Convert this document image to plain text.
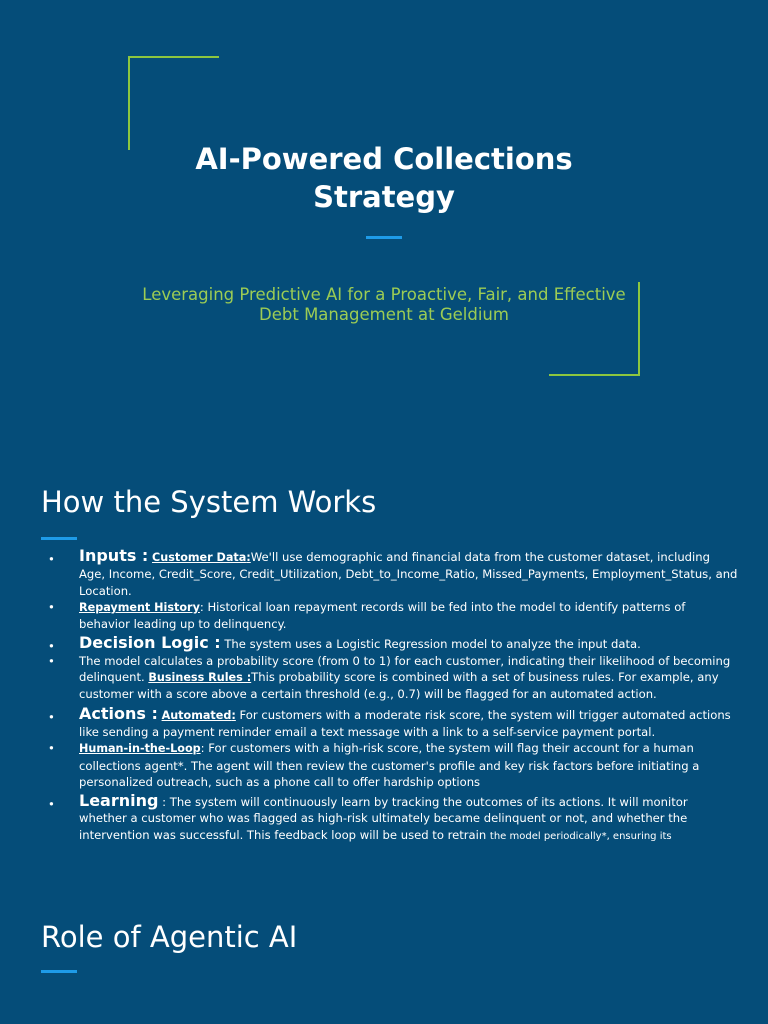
AI-Powered Collections Strategy
Leveraging Predictive AI for a Proactive, Fair, and Effective Debt Management at Geldium
How the System Works

•	Inputs : Customer Data:We'll use demographic and financial data from the customer dataset, including Age, Income, Credit_Score, Credit_Utilization, Debt_to_Income_Ratio, Missed_Payments, Employment_Status, and Location.

•	Repayment History: Historical loan repayment records will be fed into the model to identify patterns of behavior leading up to delinquency.

•	Decision Logic : The system uses a Logistic Regression model to analyze the input data.

•	The model calculates a probability score (from 0 to 1) for each customer, indicating their likelihood of becoming delinquent. Business Rules :This probability score is combined with a set of business rules. For example, any customer with a score above a certain threshold (e.g., 0.7) will be flagged for an automated action.

•	Actions : Automated: For customers with a moderate risk score, the system will trigger automated actions like sending a payment reminder email a text message with a link to a self-service payment portal.

•	Human-in-the-Loop: For customers with a high-risk score, the system will flag their account for a human collections agent*. The agent will then review the customer's profile and key risk factors before initiating a personalized outreach, such as a phone call to offer hardship options

•	Learning : The system will continuously learn by tracking the outcomes of its actions. It will monitor whether a customer who was flagged as high-risk ultimately became delinquent or not, and whether the intervention was successful. This feedback loop will be used to retrain the model periodically*, ensuring its

Role of Agentic AI
